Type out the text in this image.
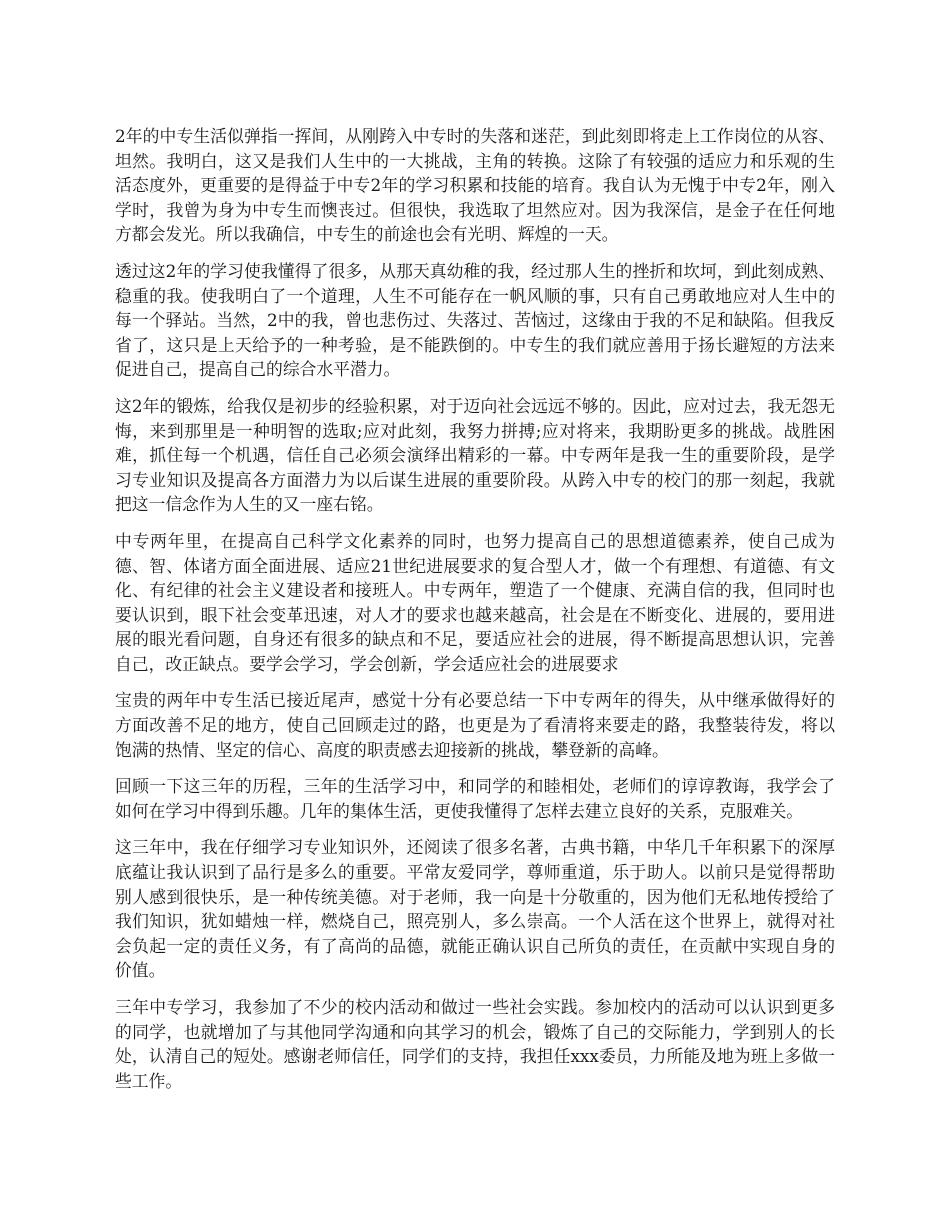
2年的中专生活似弹指一挥间，从刚跨入中专时的失落和迷茫，到此刻即将走上工作岗位的从容、坦然。我明白，这又是我们人生中的一大挑战，主角的转换。这除了有较强的适应力和乐观的生活态度外，更重要的是得益于中专2年的学习积累和技能的培育。我自认为无愧于中专2年，刚入学时，我曾为身为中专生而懊丧过。但很快，我选取了坦然应对。因为我深信，是金子在任何地方都会发光。所以我确信，中专生的前途也会有光明、辉煌的一天。

透过这2年的学习使我懂得了很多，从那天真幼稚的我，经过那人生的挫折和坎坷，到此刻成熟、稳重的我。使我明白了一个道理，人生不可能存在一帆风顺的事，只有自己勇敢地应对人生中的每一个驿站。当然，2中的我，曾也悲伤过、失落过、苦恼过，这缘由于我的不足和缺陷。但我反省了，这只是上天给予的一种考验，是不能跌倒的。中专生的我们就应善用于扬长避短的方法来促进自己，提高自己的综合水平潜力。

这2年的锻炼，给我仅是初步的经验积累，对于迈向社会远远不够的。因此，应对过去，我无怨无悔，来到那里是一种明智的选取;应对此刻，我努力拼搏;应对将来，我期盼更多的挑战。战胜困难，抓住每一个机遇，信任自己必须会演绎出精彩的一幕。中专两年是我一生的重要阶段，是学习专业知识及提高各方面潜力为以后谋生进展的重要阶段。从跨入中专的校门的那一刻起，我就把这一信念作为人生的又一座右铭。

中专两年里，在提高自己科学文化素养的同时，也努力提高自己的思想道德素养，使自己成为德、智、体诸方面全面进展、适应21世纪进展要求的复合型人才，做一个有理想、有道德、有文化、有纪律的社会主义建设者和接班人。中专两年，塑造了一个健康、充满自信的我，但同时也要认识到，眼下社会变革迅速，对人才的要求也越来越高，社会是在不断变化、进展的，要用进展的眼光看问题，自身还有很多的缺点和不足，要适应社会的进展，得不断提高思想认识，完善自己，改正缺点。要学会学习，学会创新，学会适应社会的进展要求

宝贵的两年中专生活已接近尾声，感觉十分有必要总结一下中专两年的得失，从中继承做得好的方面改善不足的地方，使自己回顾走过的路，也更是为了看清将来要走的路，我整装待发，将以饱满的热情、坚定的信心、高度的职责感去迎接新的挑战，攀登新的高峰。

回顾一下这三年的历程，三年的生活学习中，和同学的和睦相处，老师们的谆谆教诲，我学会了如何在学习中得到乐趣。几年的集体生活，更使我懂得了怎样去建立良好的关系，克服难关。

这三年中，我在仔细学习专业知识外，还阅读了很多名著，古典书籍，中华几千年积累下的深厚底蕴让我认识到了品行是多么的重要。平常友爱同学，尊师重道，乐于助人。以前只是觉得帮助别人感到很快乐，是一种传统美德。对于老师，我一向是十分敬重的，因为他们无私地传授给了我们知识，犹如蜡烛一样，燃烧自己，照亮别人，多么崇高。一个人活在这个世界上，就得对社会负起一定的责任义务，有了高尚的品德，就能正确认识自己所负的责任，在贡献中实现自身的价值。

三年中专学习，我参加了不少的校内活动和做过一些社会实践。参加校内的活动可以认识到更多的同学，也就增加了与其他同学沟通和向其学习的机会，锻炼了自己的交际能力，学到别人的长处，认清自己的短处。感谢老师信任，同学们的支持，我担任xxx委员，力所能及地为班上多做一些工作。
